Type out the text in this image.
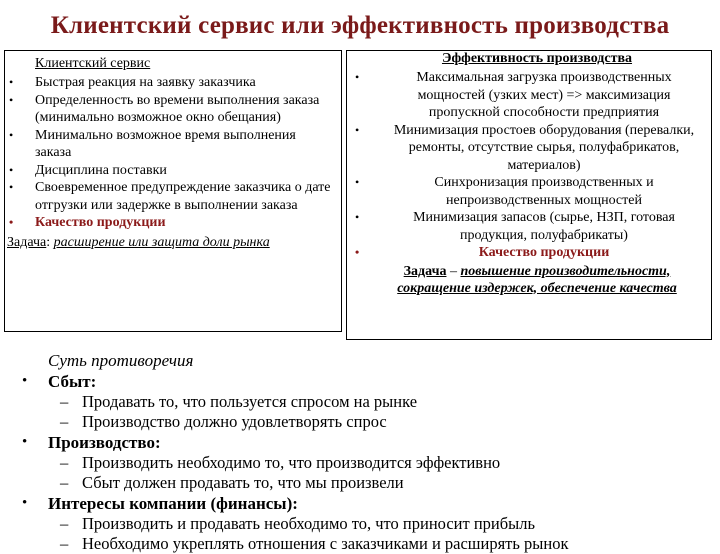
Клиентский сервис или эффективность производства
Клиентский сервис
• Быстрая реакция на заявку заказчика
• Определенность во времени выполнения заказа (минимально возможное окно обещания)
• Минимально возможное время выполнения заказа
• Дисциплина поставки
• Своевременное предупреждение заказчика о дате отгрузки или задержке в выполнении заказа
• Качество продукции
Задача: расширение или защита доли рынка
Эффективность производства
•	Максимальная загрузка производственных мощностей (узких мест) => максимизация пропускной способности предприятия
• Минимизация простоев оборудования (перевалки, ремонты, отсутствие сырья, полуфабрикатов, материалов)
•	Синхронизация производственных и непроизводственных мощностей
•	Минимизация запасов (сырье, НЗП, готовая продукция, полуфабрикаты)
•	Качество продукции
Задача – повышение производительности, сокращение издержек, обеспечение качества
Суть противоречия
• Сбыт:
– Продавать то, что пользуется спросом на рынке
– Производство должно удовлетворять спрос
• Производство:
– Производить необходимо то, что производится эффективно
– Сбыт должен продавать то, что мы произвели
• Интересы компании (финансы):
– Производить и продавать необходимо то, что приносит прибыль
– Необходимо укреплять отношения с заказчиками и расширять рынок
